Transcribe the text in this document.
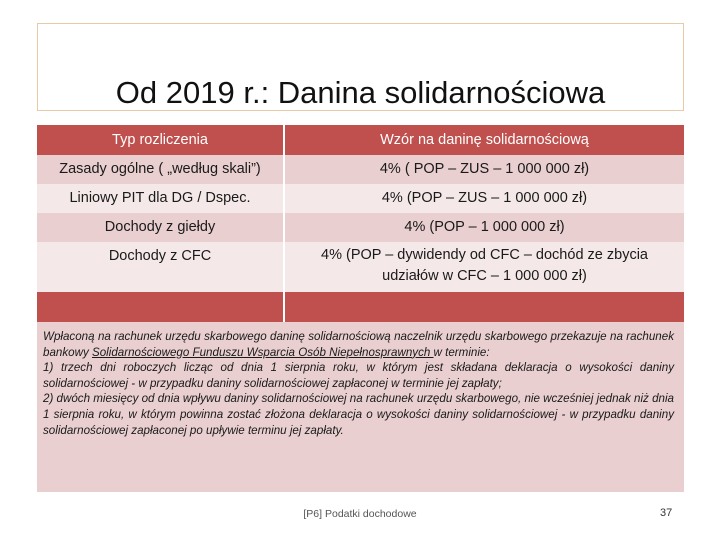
Od 2019 r.: Danina solidarnościowa
Typ rozliczenia	Wzór na daninę solidarnościową
Zasady ogólne ( „według skali”)	4% ( POP – ZUS – 1 000 000 zł)
Liniowy PIT dla DG / Dspec.	4% (POP – ZUS – 1 000 000 zł)
Dochody z giełdy	4% (POP – 1 000 000 zł)
Dochody z CFC	4% (POP – dywidendy od CFC – dochód ze zbycia udziałów w CFC – 1 000 000 zł)

Wpłaconą na rachunek urzędu skarbowego daninę solidarnościową naczelnik urzędu skarbowego przekazuje na rachunek bankowy Solidarnościowego Funduszu Wsparcia Osób Niepełnosprawnych w terminie:

1) trzech dni roboczych licząc od dnia 1 sierpnia roku, w którym jest składana deklaracja o wysokości daniny solidarnościowej - w przypadku daniny solidarnościowej zapłaconej w terminie jej zapłaty;

2) dwóch miesięcy od dnia wpływu daniny solidarnościowej na rachunek urzędu skarbowego, nie wcześniej jednak niż dnia 1 sierpnia roku, w którym powinna zostać złożona deklaracja o wysokości daniny solidarnościowej - w przypadku daniny solidarnościowej zapłaconej po upływie terminu jej zapłaty.

[P6] Podatki dochodowe	37
